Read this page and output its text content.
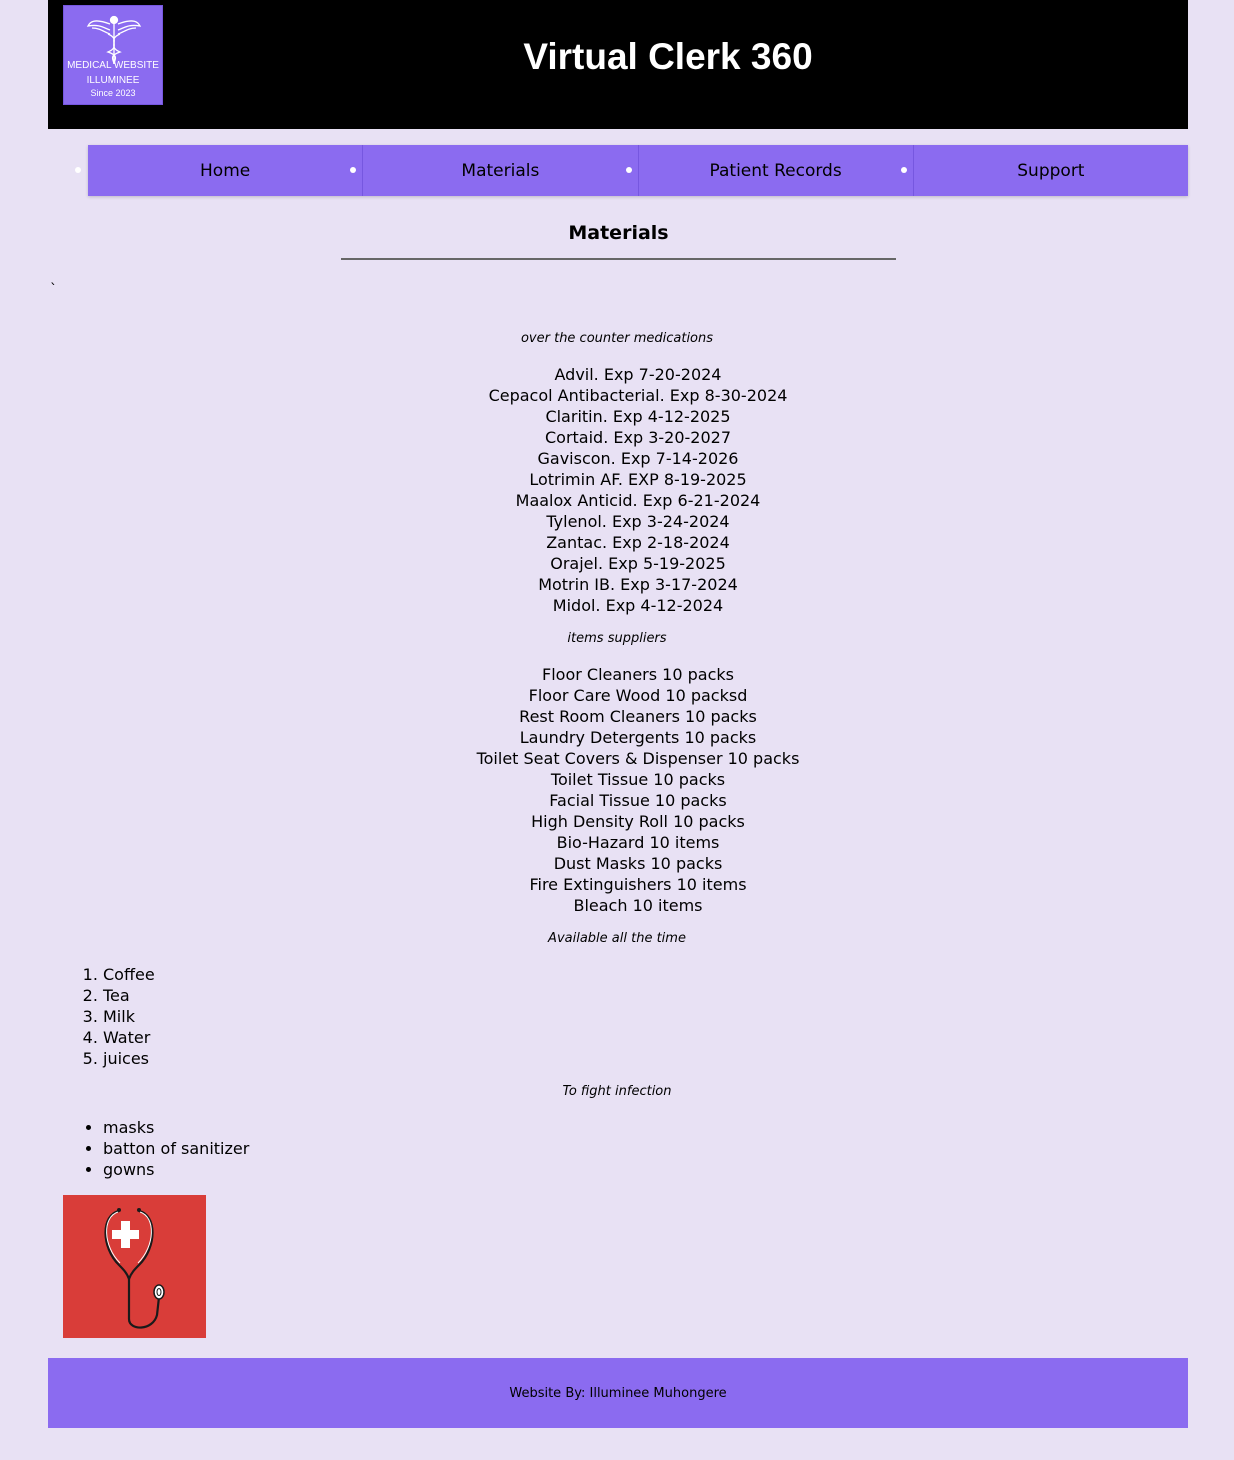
MEDICAL WEBSITE
ILLUMINEE
Since 2023
Virtual Clerk 360
Home	Materials	Patient Records	Support
Materials
`
over the counter medications
Advil. Exp 7-20-2024
Cepacol Antibacterial. Exp 8-30-2024
Claritin. Exp 4-12-2025
Cortaid. Exp 3-20-2027
Gaviscon. Exp 7-14-2026
Lotrimin AF. EXP 8-19-2025
Maalox Anticid. Exp 6-21-2024
Tylenol. Exp 3-24-2024
Zantac. Exp 2-18-2024
Orajel. Exp 5-19-2025
Motrin IB. Exp 3-17-2024
Midol. Exp 4-12-2024
items suppliers
Floor Cleaners 10 packs
Floor Care Wood 10 packsd
Rest Room Cleaners 10 packs
Laundry Detergents 10 packs
Toilet Seat Covers & Dispenser 10 packs
Toilet Tissue 10 packs
Facial Tissue 10 packs
High Density Roll 10 packs
Bio-Hazard 10 items
Dust Masks 10 packs
Fire Extinguishers 10 items
Bleach 10 items
Available all the time
1. Coffee
2. Tea
3. Milk
4. Water
5. juices
To fight infection
• masks
• batton of sanitizer
• gowns
Website By: Illuminee Muhongere
